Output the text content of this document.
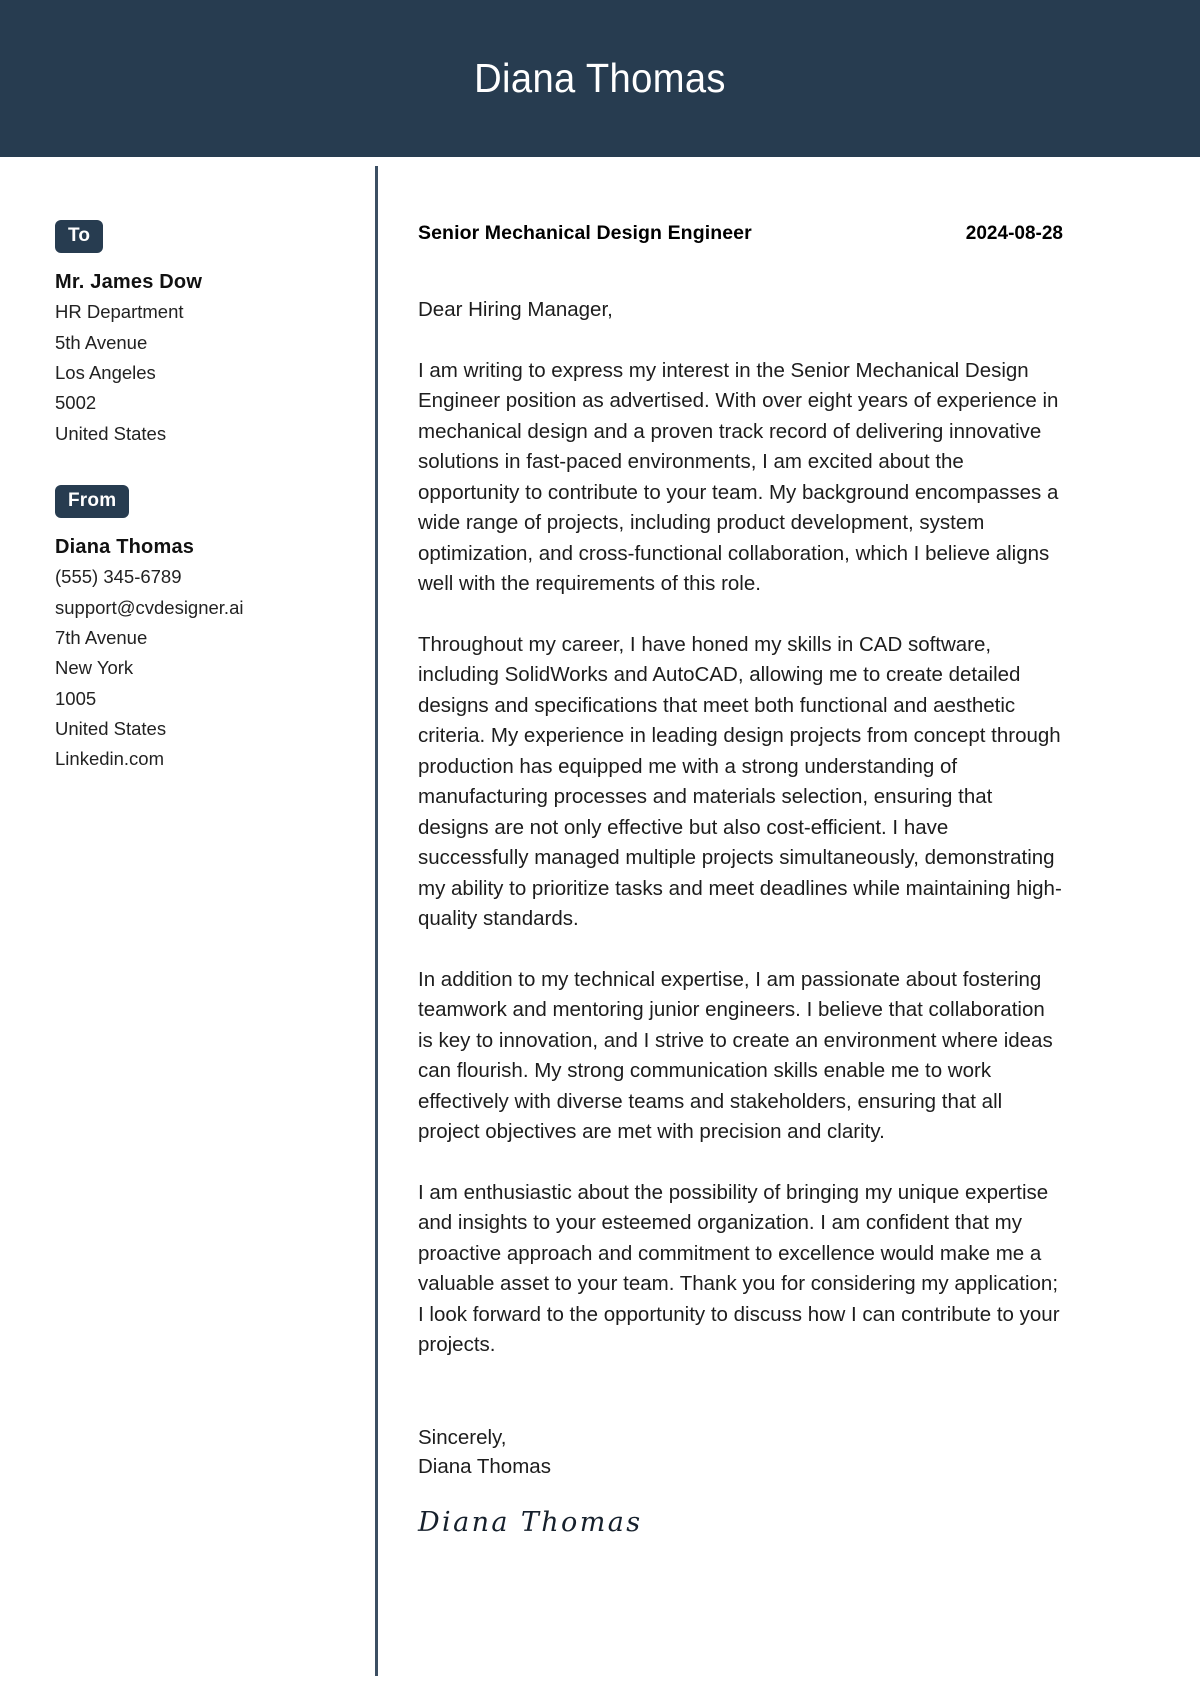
Diana Thomas
To
Mr. James Dow
HR Department
5th Avenue
Los Angeles
5002
United States
From
Diana Thomas
(555) 345-6789
support@cvdesigner.ai
7th Avenue
New York
1005
United States
Linkedin.com
Senior Mechanical Design Engineer	2024-08-28
Dear Hiring Manager,
I am writing to express my interest in the Senior Mechanical Design Engineer position as advertised. With over eight years of experience in mechanical design and a proven track record of delivering innovative solutions in fast-paced environments, I am excited about the opportunity to contribute to your team. My background encompasses a wide range of projects, including product development, system optimization, and cross-functional collaboration, which I believe aligns well with the requirements of this role.
Throughout my career, I have honed my skills in CAD software, including SolidWorks and AutoCAD, allowing me to create detailed designs and specifications that meet both functional and aesthetic criteria. My experience in leading design projects from concept through production has equipped me with a strong understanding of manufacturing processes and materials selection, ensuring that designs are not only effective but also cost-efficient. I have successfully managed multiple projects simultaneously, demonstrating my ability to prioritize tasks and meet deadlines while maintaining high-quality standards.
In addition to my technical expertise, I am passionate about fostering teamwork and mentoring junior engineers. I believe that collaboration is key to innovation, and I strive to create an environment where ideas can flourish. My strong communication skills enable me to work effectively with diverse teams and stakeholders, ensuring that all project objectives are met with precision and clarity.
I am enthusiastic about the possibility of bringing my unique expertise and insights to your esteemed organization. I am confident that my proactive approach and commitment to excellence would make me a valuable asset to your team. Thank you for considering my application; I look forward to the opportunity to discuss how I can contribute to your projects.
Sincerely,
Diana Thomas
Diana Thomas
